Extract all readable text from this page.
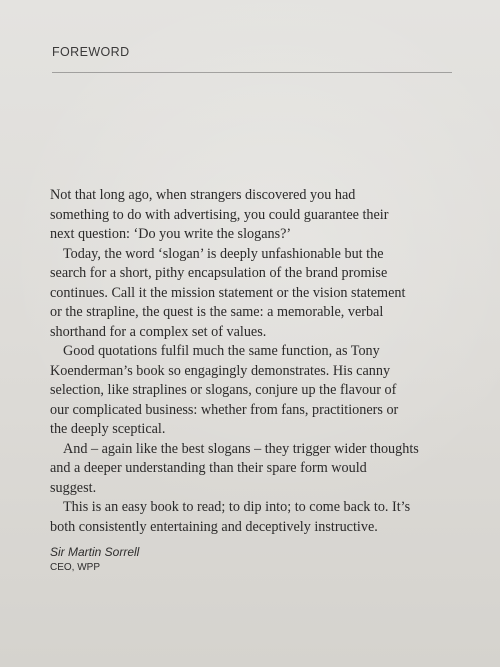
FOREWORD

Not that long ago, when strangers discovered you had
something to do with advertising, you could guarantee their
next question: ‘Do you write the slogans?’

Today, the word ‘slogan’ is deeply unfashionable but the
search for a short, pithy encapsulation of the brand promise
continues. Call it the mission statement or the vision statement
or the strapline, the quest is the same: a memorable, verbal
shorthand for a complex set of values.

Good quotations fulfil much the same function, as Tony
Koenderman’s book so engagingly demonstrates. His canny
selection, like straplines or slogans, conjure up the flavour of
our complicated business: whether from fans, practitioners or
the deeply sceptical.

And – again like the best slogans – they trigger wider thoughts
and a deeper understanding than their spare form would
suggest.

This is an easy book to read; to dip into; to come back to. It’s
both consistently entertaining and deceptively instructive.

Sir Martin Sorrell
CEO, WPP
